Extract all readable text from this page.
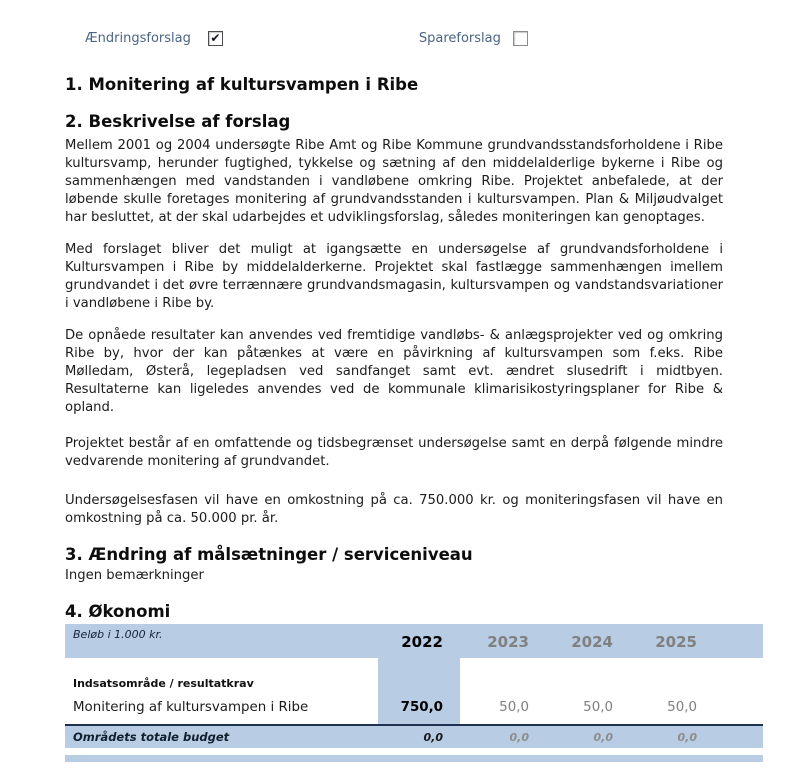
Ændringsforslag ✔	Spareforslag
1. Monitering af kultursvampen i Ribe
2. Beskrivelse af forslag

Mellem 2001 og 2004 undersøgte Ribe Amt og Ribe Kommune grundvandsstandsforholdene i Ribe kultursvamp, herunder fugtighed, tykkelse og sætning af den middelalderlige bykerne i Ribe og sammenhængen med vandstanden i vandløbene omkring Ribe. Projektet anbefalede, at der løbende skulle foretages monitering af grundvandsstanden i kultursvampen. Plan & Miljøudvalget har besluttet, at der skal udarbejdes et udviklingsforslag, således moniteringen kan genoptages.

Med forslaget bliver det muligt at igangsætte en undersøgelse af grundvandsforholdene i Kultursvampen i Ribe by middelalderkerne. Projektet skal fastlægge sammenhængen imellem grundvandet i det øvre terrænnære grundvandsmagasin, kultursvampen og vandstandsvariationer i vandløbene i Ribe by.

De opnåede resultater kan anvendes ved fremtidige vandløbs- & anlægsprojekter ved og omkring Ribe by, hvor der kan påtænkes at være en påvirkning af kultursvampen som f.eks. Ribe Mølledam, Østerå, legepladsen ved sandfanget samt evt. ændret slusedrift i midtbyen. Resultaterne kan ligeledes anvendes ved de kommunale klimarisikostyringsplaner for Ribe & opland.

Projektet består af en omfattende og tidsbegrænset undersøgelse samt en derpå følgende mindre vedvarende monitering af grundvandet.

Undersøgelsesfasen vil have en omkostning på ca. 750.000 kr. og moniteringsfasen vil have en omkostning på ca. 50.000 pr. år.

3. Ændring af målsætninger / serviceniveau

Ingen bemærkninger

4. Økonomi
Beløb i 1.000 kr.	2022	2023	2024	2025
Indsatsområde / resultatkrav
Monitering af kultursvampen i Ribe	750,0	50,0	50,0	50,0
Områdets totale budget	0,0	0,0	0,0	0,0
